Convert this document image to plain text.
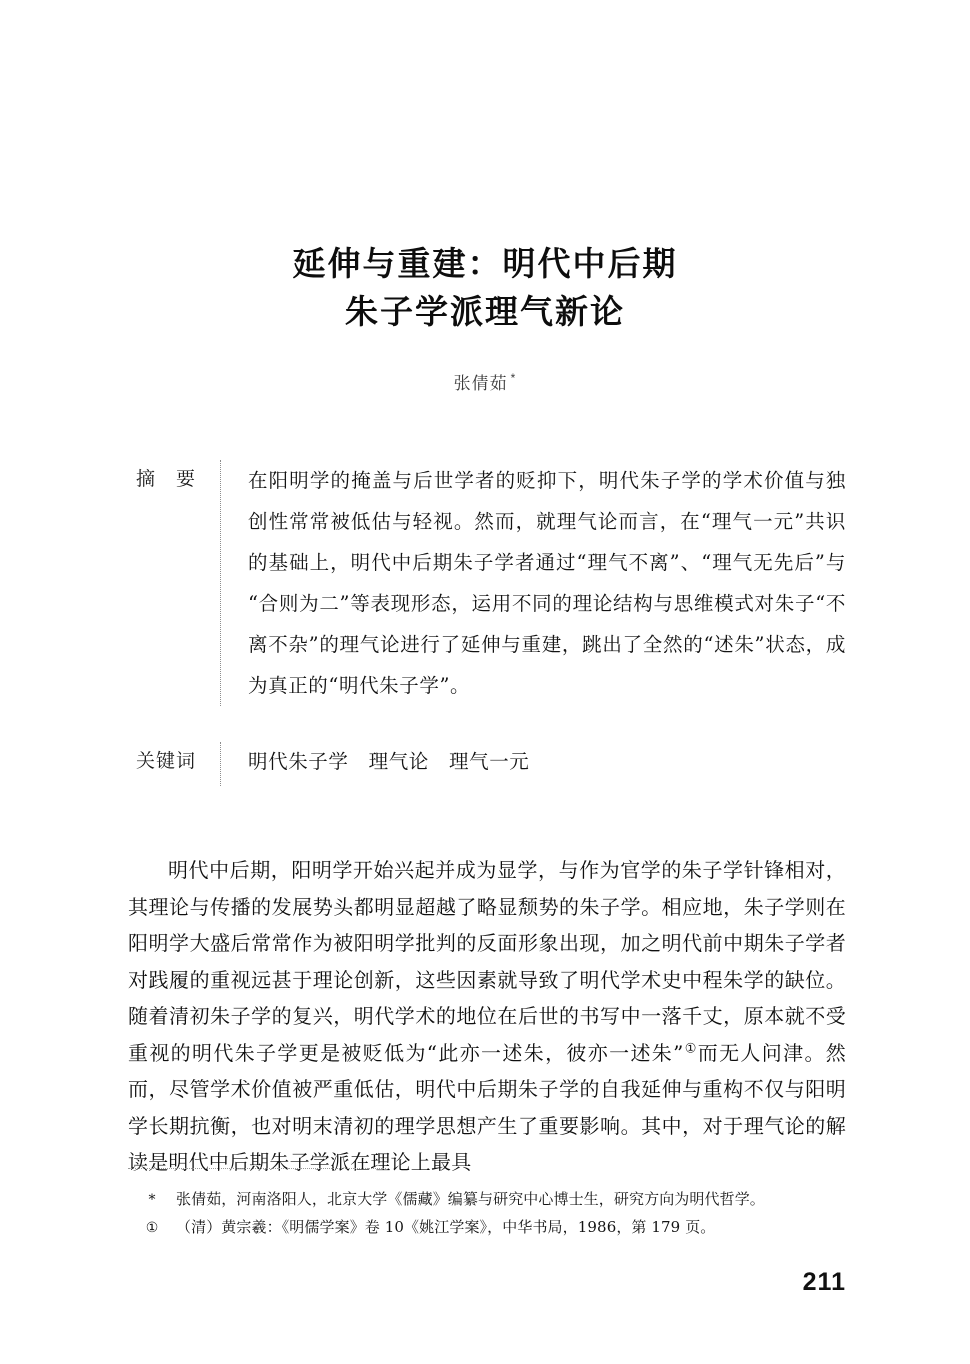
延伸与重建：明代中后期
朱子学派理气新论
张倩茹 *
摘　要	在阳明学的掩盖与后世学者的贬抑下，明代朱子学的学术价值与独创性常常被低估与轻视。然而，就理气论而言，在“理气一元”共识的基础上，明代中后期朱子学者通过“理气不离”、“理气无先后”与“合则为二”等表现形态，运用不同的理论结构与思维模式对朱子“不离不杂”的理气论进行了延伸与重建，跳出了全然的“述朱”状态，成为真正的“明代朱子学”。
关键词	明代朱子学　理气论　理气一元

明代中后期，阳明学开始兴起并成为显学，与作为官学的朱子学针锋相对，其理论与传播的发展势头都明显超越了略显颓势的朱子学。相应地，朱子学则在阳明学大盛后常常作为被阳明学批判的反面形象出现，加之明代前中期朱子学者对践履的重视远甚于理论创新，这些因素就导致了明代学术史中程朱学的缺位。随着清初朱子学的复兴，明代学术的地位在后世的书写中一落千丈，原本就不受重视的明代朱子学更是被贬低为“此亦一述朱，彼亦一述朱”①而无人问津。然而，尽管学术价值被严重低估，明代中后期朱子学的自我延伸与重构不仅与阳明学长期抗衡，也对明末清初的理学思想产生了重要影响。其中，对于理气论的解读是明代中后期朱子学派在理论上最具

*	张倩茹，河南洛阳人，北京大学《儒藏》编纂与研究中心博士生，研究方向为明代哲学。
①	（清）黄宗羲：《明儒学案》卷 10《姚江学案》，中华书局，1986，第 179 页。
211
